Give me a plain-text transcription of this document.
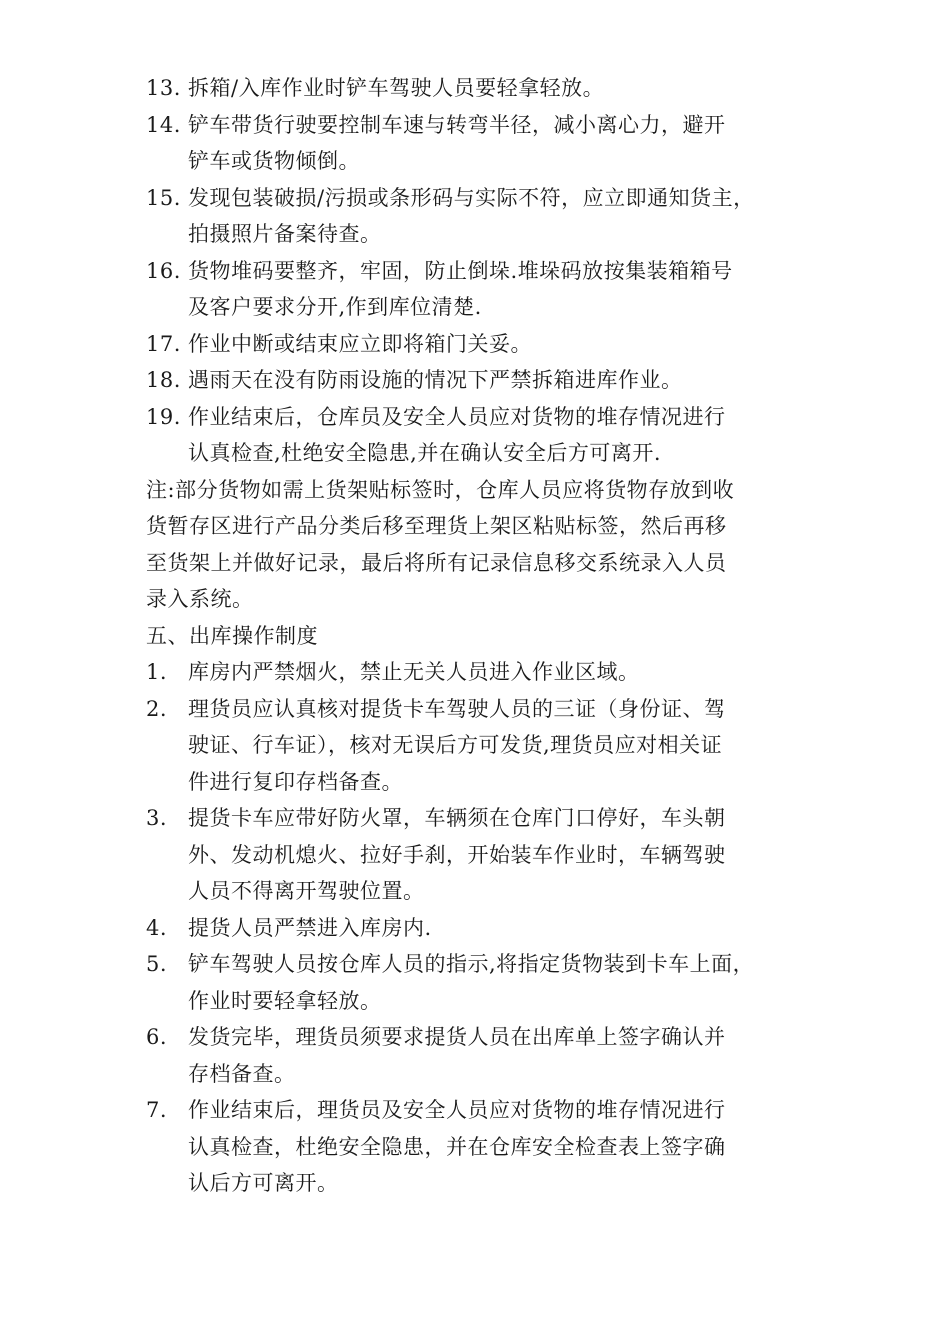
13. 拆箱/入库作业时铲车驾驶人员要轻拿轻放。
14. 铲车带货行驶要控制车速与转弯半径，减小离心力，避开
铲车或货物倾倒。
15. 发现包装破损/污损或条形码与实际不符，应立即通知货主，
拍摄照片备案待查。
16. 货物堆码要整齐，牢固，防止倒垛.堆垛码放按集装箱箱号
及客户要求分开,作到库位清楚.
17. 作业中断或结束应立即将箱门关妥。
18. 遇雨天在没有防雨设施的情况下严禁拆箱进库作业。
19. 作业结束后，仓库员及安全人员应对货物的堆存情况进行
认真检查,杜绝安全隐患,并在确认安全后方可离开.
注:部分货物如需上货架贴标签时，仓库人员应将货物存放到收
货暂存区进行产品分类后移至理货上架区粘贴标签，然后再移
至货架上并做好记录，最后将所有记录信息移交系统录入人员
录入系统。
五、出库操作制度
1. 库房内严禁烟火，禁止无关人员进入作业区域。
2. 理货员应认真核对提货卡车驾驶人员的三证（身份证、驾
驶证、行车证），核对无误后方可发货,理货员应对相关证
件进行复印存档备查。
3. 提货卡车应带好防火罩，车辆须在仓库门口停好，车头朝
外、发动机熄火、拉好手刹，开始装车作业时，车辆驾驶
人员不得离开驾驶位置。
4. 提货人员严禁进入库房内.
5. 铲车驾驶人员按仓库人员的指示,将指定货物装到卡车上面，
作业时要轻拿轻放。
6. 发货完毕，理货员须要求提货人员在出库单上签字确认并
存档备查。
7. 作业结束后，理货员及安全人员应对货物的堆存情况进行
认真检查，杜绝安全隐患，并在仓库安全检查表上签字确
认后方可离开。
